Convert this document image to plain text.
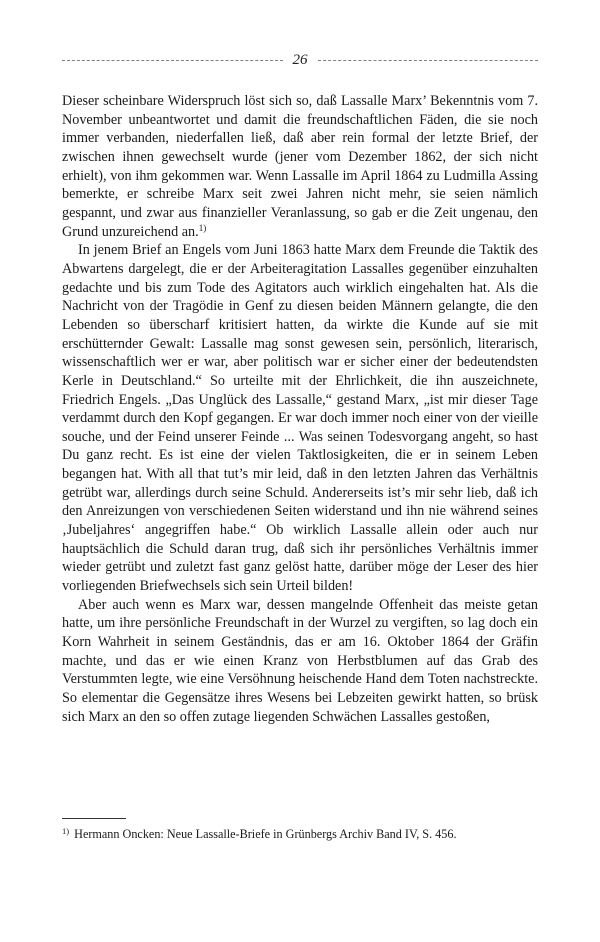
26

Dieser scheinbare Widerspruch löst sich so, daß Lassalle Marx’ Bekenntnis vom 7. November unbeantwortet und damit die freundschaftlichen Fäden, die sie noch immer verbanden, niederfallen ließ, daß aber rein formal der letzte Brief, der zwischen ihnen gewechselt wurde (jener vom Dezember 1862, der sich nicht erhielt), von ihm gekommen war. Wenn Lassalle im April 1864 zu Ludmilla Assing bemerkte, er schreibe Marx seit zwei Jahren nicht mehr, sie seien nämlich gespannt, und zwar aus finanzieller Veranlassung, so gab er die Zeit ungenau, den Grund unzureichend an.$^{1)}$

In jenem Brief an Engels vom Juni 1863 hatte Marx dem Freunde die Taktik des Abwartens dargelegt, die er der Arbeiteragitation Lassalles gegenüber einzuhalten gedachte und bis zum Tode des Agitators auch wirklich eingehalten hat. Als die Nachricht von der Tragödie in Genf zu diesen beiden Männern gelangte, die den Lebenden so überscharf kritisiert hatten, da wirkte die Kunde auf sie mit erschütternder Gewalt: Lassalle mag sonst gewesen sein, persönlich, literarisch, wissenschaftlich wer er war, aber politisch war er sicher einer der bedeutendsten Kerle in Deutschland.“ So urteilte mit der Ehrlichkeit, die ihn auszeichnete, Friedrich Engels. „Das Unglück des Lassalle,“ gestand Marx, „ist mir dieser Tage verdammt durch den Kopf gegangen. Er war doch immer noch einer von der vieille souche, und der Feind unserer Feinde ... Was seinen Todesvorgang angeht, so hast Du ganz recht. Es ist eine der vielen Taktlosigkeiten, die er in seinem Leben begangen hat. With all that tut’s mir leid, daß in den letzten Jahren das Verhältnis getrübt war, allerdings durch seine Schuld. Andererseits ist’s mir sehr lieb, daß ich den Anreizungen von verschiedenen Seiten widerstand und ihn nie während seines ‚Jubeljahres‘ angegriffen habe.“ Ob wirklich Lassalle allein oder auch nur hauptsächlich die Schuld daran trug, daß sich ihr persönliches Verhältnis immer wieder getrübt und zuletzt fast ganz gelöst hatte, darüber möge der Leser des hier vorliegenden Briefwechsels sich sein Urteil bilden!

Aber auch wenn es Marx war, dessen mangelnde Offenheit das meiste getan hatte, um ihre persönliche Freundschaft in der Wurzel zu vergiften, so lag doch ein Korn Wahrheit in seinem Geständnis, das er am 16. Oktober 1864 der Gräfin machte, und das er wie einen Kranz von Herbstblumen auf das Grab des Verstummten legte, wie eine Versöhnung heischende Hand dem Toten nachstreckte. So elementar die Gegensätze ihres Wesens bei Lebzeiten gewirkt hatten, so brüsk sich Marx an den so offen zutage liegenden Schwächen Lassalles gestoßen,

$^{1)}$ Hermann Oncken: Neue Lassalle-Briefe in Grünbergs Archiv Band IV, S. 456.
